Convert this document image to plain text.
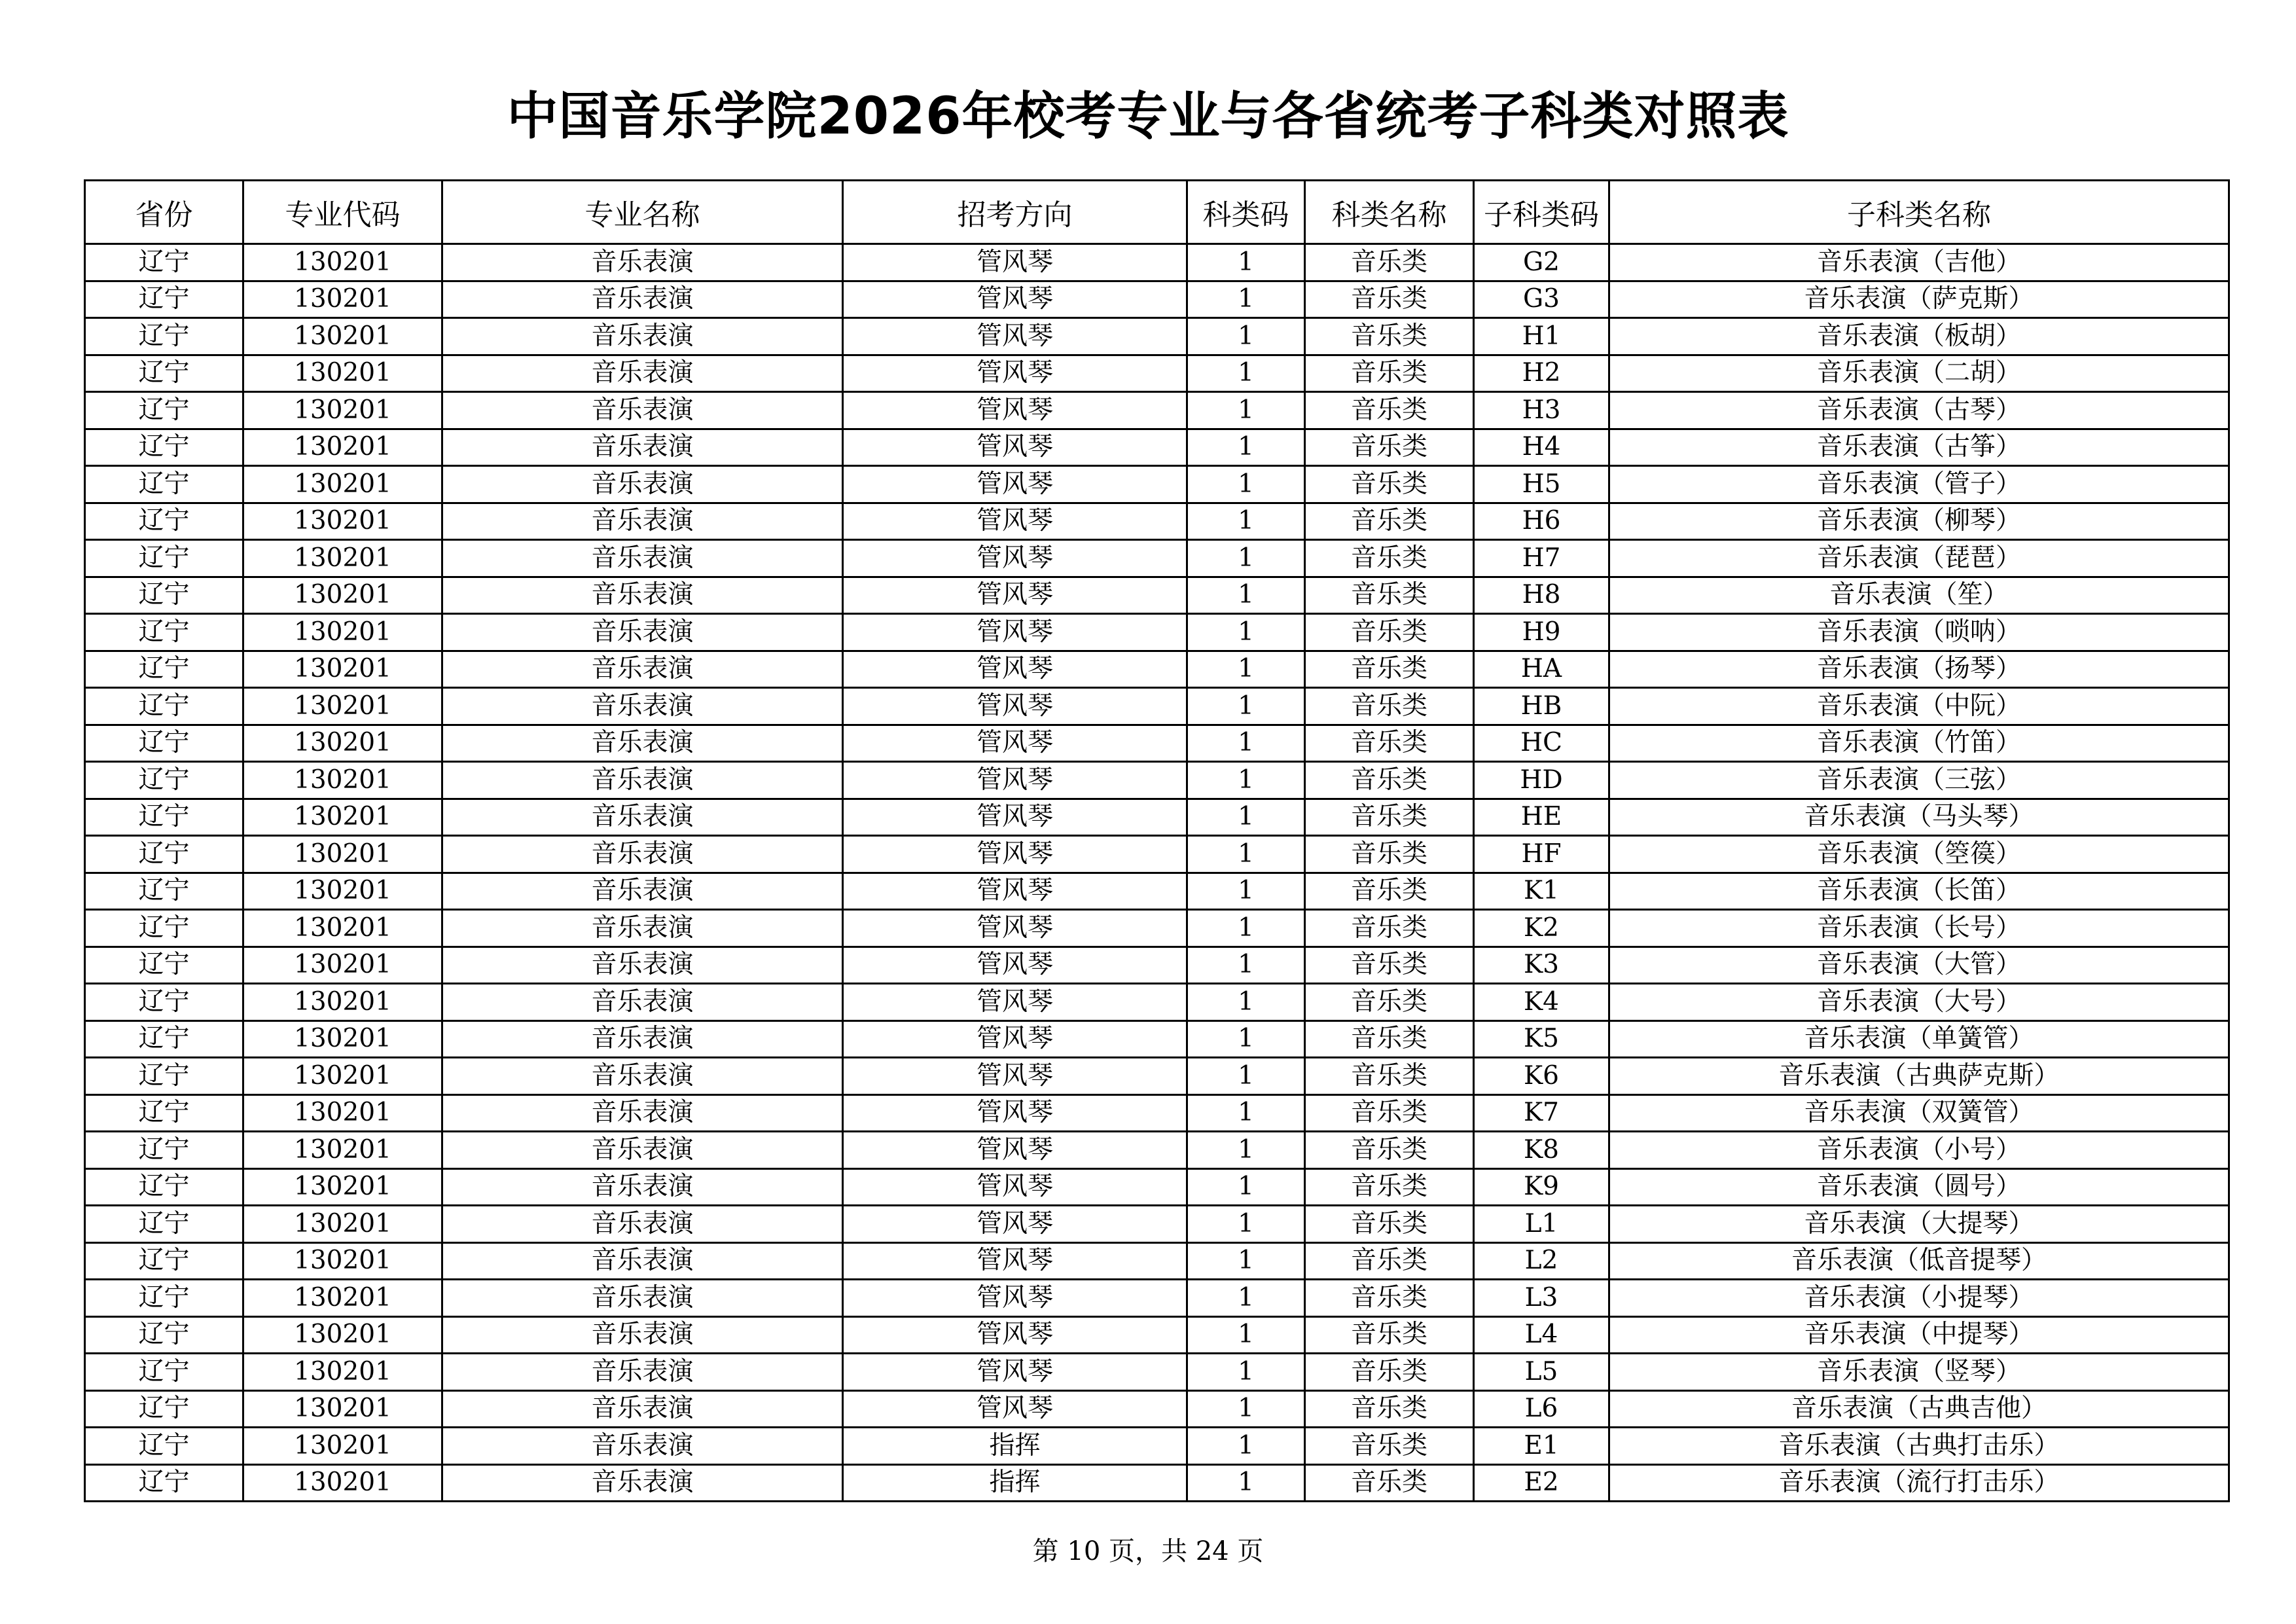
中国音乐学院2026年校考专业与各省统考子科类对照表
省份	专业代码	专业名称	招考方向	科类码	科类名称	子科类码	子科类名称
辽宁	130201	音乐表演	管风琴	1	音乐类	G2	音乐表演（吉他）
辽宁	130201	音乐表演	管风琴	1	音乐类	G3	音乐表演（萨克斯）
辽宁	130201	音乐表演	管风琴	1	音乐类	H1	音乐表演（板胡）
辽宁	130201	音乐表演	管风琴	1	音乐类	H2	音乐表演（二胡）
辽宁	130201	音乐表演	管风琴	1	音乐类	H3	音乐表演（古琴）
辽宁	130201	音乐表演	管风琴	1	音乐类	H4	音乐表演（古筝）
辽宁	130201	音乐表演	管风琴	1	音乐类	H5	音乐表演（管子）
辽宁	130201	音乐表演	管风琴	1	音乐类	H6	音乐表演（柳琴）
辽宁	130201	音乐表演	管风琴	1	音乐类	H7	音乐表演（琵琶）
辽宁	130201	音乐表演	管风琴	1	音乐类	H8	音乐表演（笙）
辽宁	130201	音乐表演	管风琴	1	音乐类	H9	音乐表演（唢呐）
辽宁	130201	音乐表演	管风琴	1	音乐类	HA	音乐表演（扬琴）
辽宁	130201	音乐表演	管风琴	1	音乐类	HB	音乐表演（中阮）
辽宁	130201	音乐表演	管风琴	1	音乐类	HC	音乐表演（竹笛）
辽宁	130201	音乐表演	管风琴	1	音乐类	HD	音乐表演（三弦）
辽宁	130201	音乐表演	管风琴	1	音乐类	HE	音乐表演（马头琴）
辽宁	130201	音乐表演	管风琴	1	音乐类	HF	音乐表演（箜篌）
辽宁	130201	音乐表演	管风琴	1	音乐类	K1	音乐表演（长笛）
辽宁	130201	音乐表演	管风琴	1	音乐类	K2	音乐表演（长号）
辽宁	130201	音乐表演	管风琴	1	音乐类	K3	音乐表演（大管）
辽宁	130201	音乐表演	管风琴	1	音乐类	K4	音乐表演（大号）
辽宁	130201	音乐表演	管风琴	1	音乐类	K5	音乐表演（单簧管）
辽宁	130201	音乐表演	管风琴	1	音乐类	K6	音乐表演（古典萨克斯）
辽宁	130201	音乐表演	管风琴	1	音乐类	K7	音乐表演（双簧管）
辽宁	130201	音乐表演	管风琴	1	音乐类	K8	音乐表演（小号）
辽宁	130201	音乐表演	管风琴	1	音乐类	K9	音乐表演（圆号）
辽宁	130201	音乐表演	管风琴	1	音乐类	L1	音乐表演（大提琴）
辽宁	130201	音乐表演	管风琴	1	音乐类	L2	音乐表演（低音提琴）
辽宁	130201	音乐表演	管风琴	1	音乐类	L3	音乐表演（小提琴）
辽宁	130201	音乐表演	管风琴	1	音乐类	L4	音乐表演（中提琴）
辽宁	130201	音乐表演	管风琴	1	音乐类	L5	音乐表演（竖琴）
辽宁	130201	音乐表演	管风琴	1	音乐类	L6	音乐表演（古典吉他）
辽宁	130201	音乐表演	指挥	1	音乐类	E1	音乐表演（古典打击乐）
辽宁	130201	音乐表演	指挥	1	音乐类	E2	音乐表演（流行打击乐）
第 10 页，共 24 页
